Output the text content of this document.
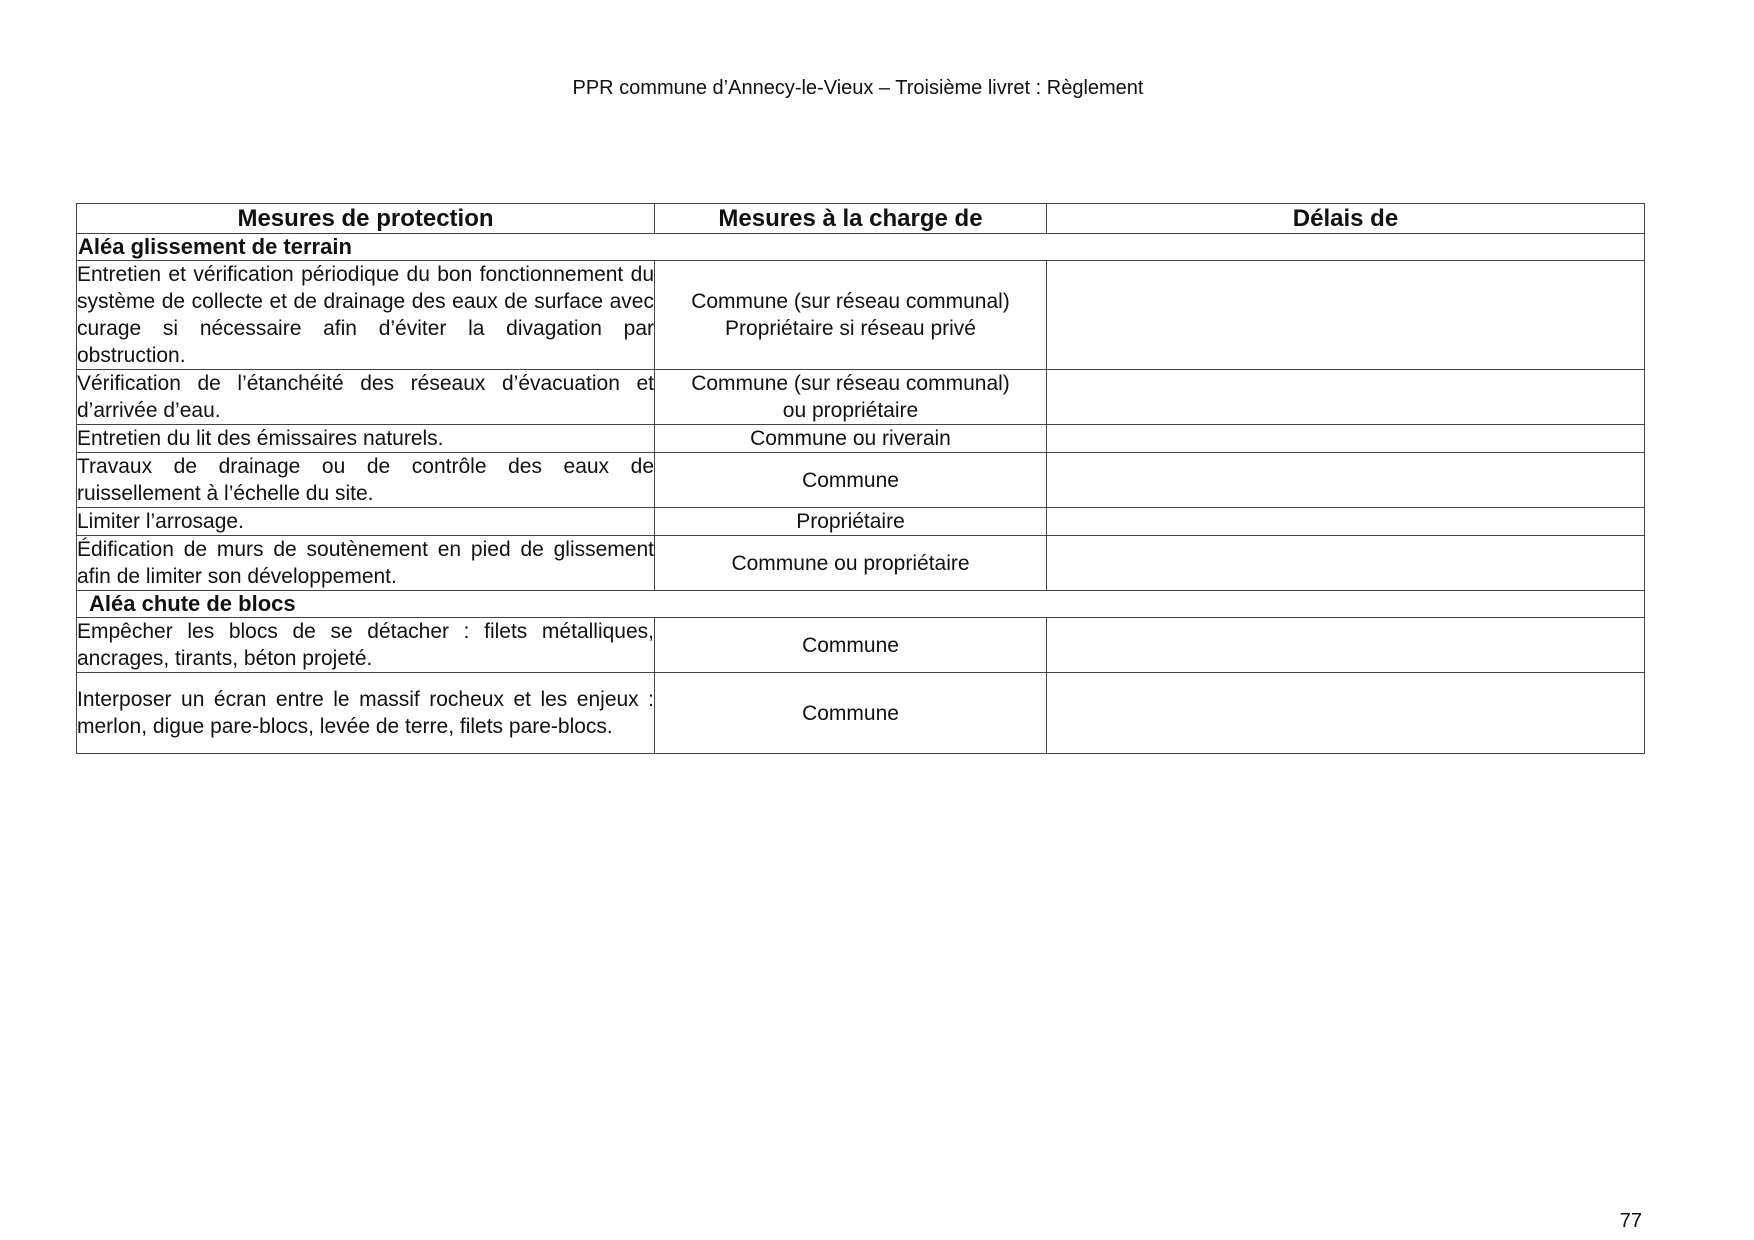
PPR commune d’Annecy-le-Vieux – Troisième livret : Règlement
Mesures de protection	Mesures à la charge de	Délais de
Aléa glissement de terrain		
Entretien et vérification périodique du bon fonctionnement du système de collecte et de drainage des eaux de surface avec curage si nécessaire afin d’éviter la divagation par obstruction.	Commune (sur réseau communal)
Propriétaire si réseau privé	
Vérification de l’étanchéité des réseaux d’évacuation et d’arrivée d’eau.	Commune (sur réseau communal)
ou propriétaire	
Entretien du lit des émissaires naturels.	Commune ou riverain	
Travaux de drainage ou de contrôle des eaux de ruissellement à l’échelle du site.	Commune	
Limiter l’arrosage.	Propriétaire	
Édification de murs de soutènement en pied de glissement afin de limiter son développement.	Commune ou propriétaire	
Aléa chute de blocs		
Empêcher les blocs de se détacher : filets métalliques, ancrages, tirants, béton projeté.	Commune	
Interposer un écran entre le massif rocheux et les enjeux : merlon, digue pare-blocs, levée de terre, filets pare-blocs.	Commune	
77
